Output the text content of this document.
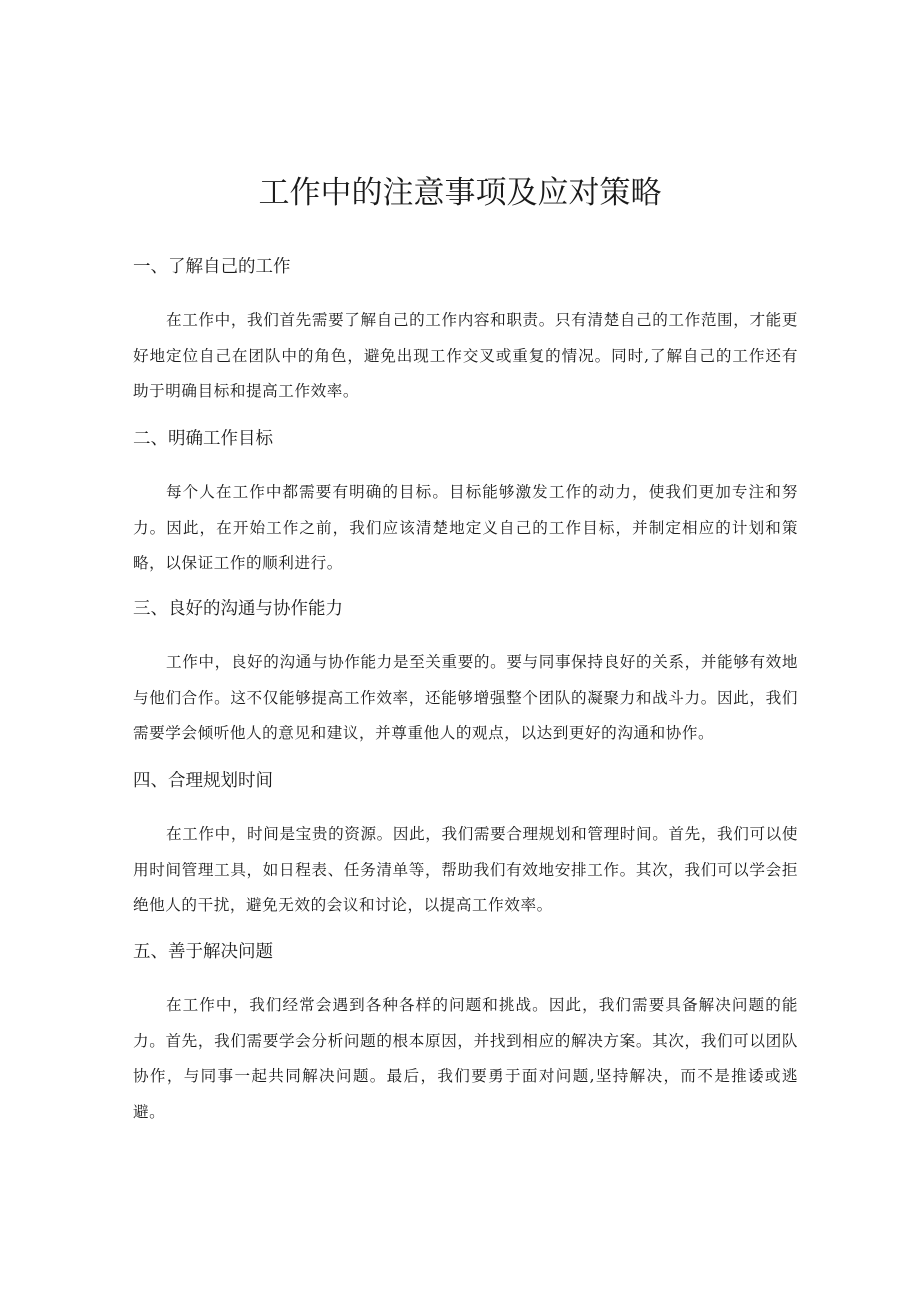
工作中的注意事项及应对策略
一、了解自己的工作

在工作中，我们首先需要了解自己的工作内容和职责。只有清楚自己的工作范围，才能更好地定位自己在团队中的角色，避免出现工作交叉或重复的情况。同时,了解自己的工作还有助于明确目标和提高工作效率。

二、明确工作目标

每个人在工作中都需要有明确的目标。目标能够激发工作的动力，使我们更加专注和努力。因此，在开始工作之前，我们应该清楚地定义自己的工作目标，并制定相应的计划和策略，以保证工作的顺利进行。

三、良好的沟通与协作能力

工作中，良好的沟通与协作能力是至关重要的。要与同事保持良好的关系，并能够有效地与他们合作。这不仅能够提高工作效率，还能够增强整个团队的凝聚力和战斗力。因此，我们需要学会倾听他人的意见和建议，并尊重他人的观点，以达到更好的沟通和协作。

四、合理规划时间

在工作中，时间是宝贵的资源。因此，我们需要合理规划和管理时间。首先，我们可以使用时间管理工具，如日程表、任务清单等，帮助我们有效地安排工作。其次，我们可以学会拒绝他人的干扰，避免无效的会议和讨论，以提高工作效率。

五、善于解决问题

在工作中，我们经常会遇到各种各样的问题和挑战。因此，我们需要具备解决问题的能力。首先，我们需要学会分析问题的根本原因，并找到相应的解决方案。其次，我们可以团队协作，与同事一起共同解决问题。最后，我们要勇于面对问题,坚持解决，而不是推诿或逃避。
